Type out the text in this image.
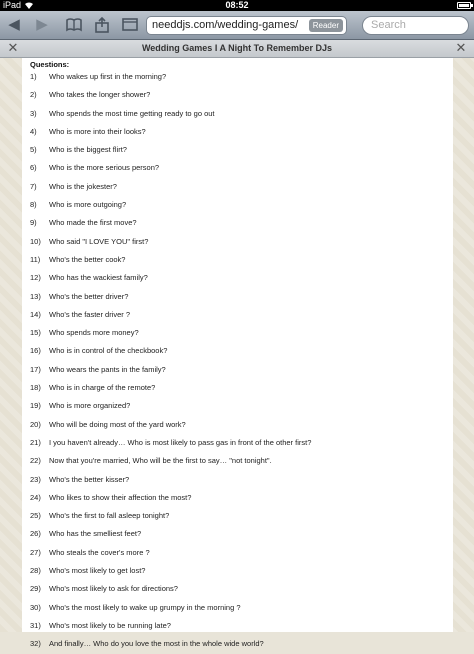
iPad	08:52
◀ ▶	needdjs.com/wedding-games/	Reader	Search
✕	Wedding Games I A Night To Remember DJs	✕
Questions:
1) Who wakes up first in the morning?
2) Who takes the longer shower?
3) Who spends the most time getting ready to go out
4) Who is more into their looks?
5) Who is the biggest flirt?
6) Who is the more serious person?
7) Who is the jokester?
8) Who is more outgoing?
9) Who made the first move?
10) Who said "I LOVE YOU" first?
11) Who's the better cook?
12) Who has the wackiest family?
13) Who's the better driver?
14) Who's the faster driver ?
15) Who spends more money?
16) Who is in control of the checkbook?
17) Who wears the pants in the family?
18) Who is in charge of the remote?
19) Who is more organized?
20) Who will be doing most of the yard work?
21) I you haven't already… Who is most likely to pass gas in front of the other first?
22) Now that you're married, Who will be the first to say… "not tonight".
23) Who's the better kisser?
24) Who likes to show their affection the most?
25) Who's the first to fall asleep tonight?
26) Who has the smelliest feet?
27) Who steals the cover's more ?
28) Who's most likely to get lost?
29) Who's most likely to ask for directions?
30) Who's the most likely to wake up grumpy in the morning ?
31) Who's most likely to be running late?
32) And finally… Who do you love the most in the whole wide world?
